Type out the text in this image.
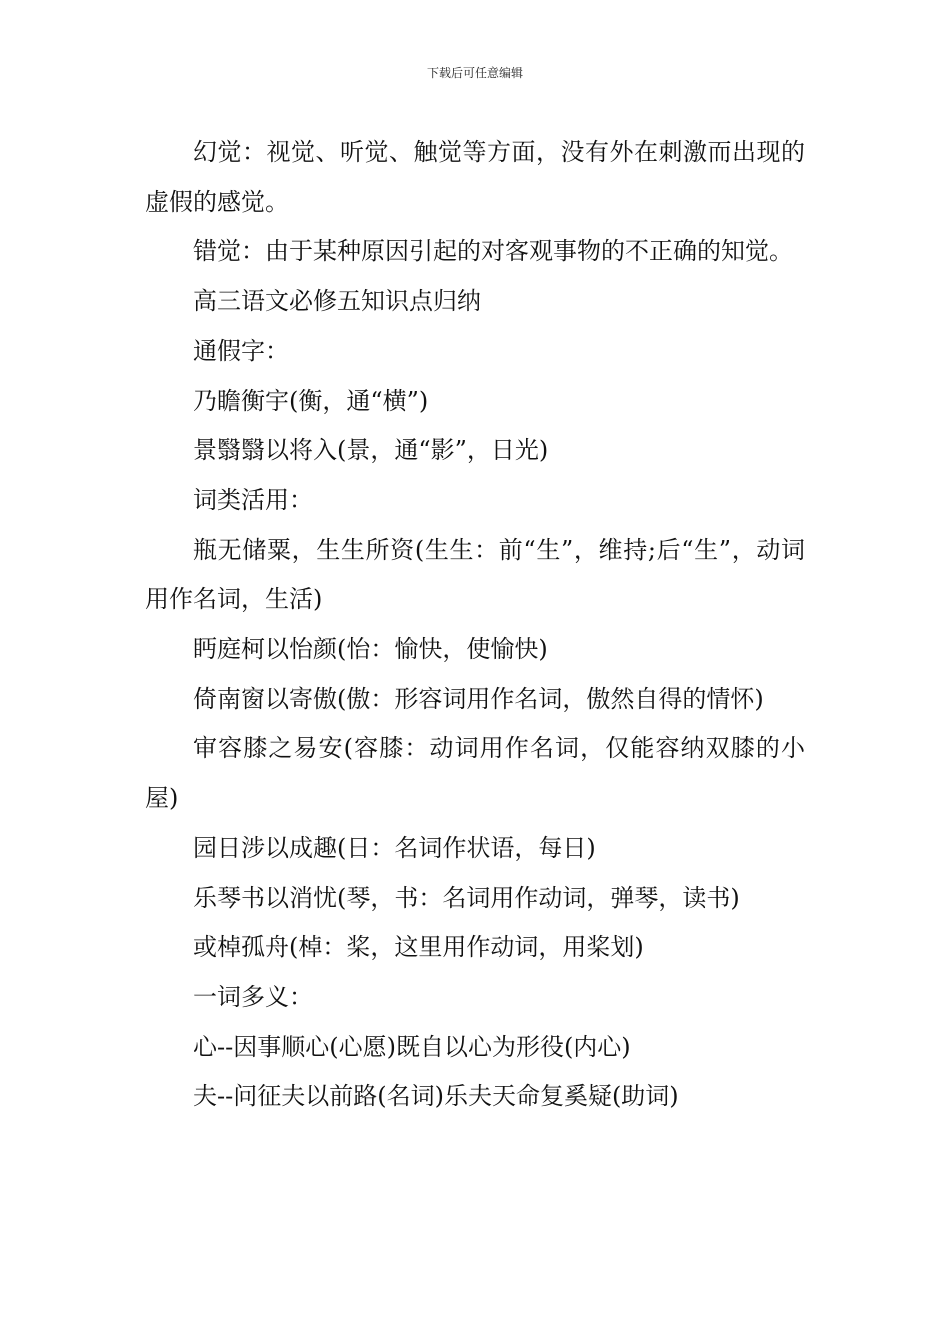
下载后可任意编辑

幻觉：视觉、听觉、触觉等方面，没有外在刺激而出现的虚假的感觉。

错觉：由于某种原因引起的对客观事物的不正确的知觉。

高三语文必修五知识点归纳

通假字：

乃瞻衡宇(衡，通“横”)

景翳翳以将入(景，通“影”，日光)

词类活用：

瓶无储粟，生生所资(生生：前“生”，维持;后“生”，动词用作名词，生活)

眄庭柯以怡颜(怡：愉快，使愉快)

倚南窗以寄傲(傲：形容词用作名词，傲然自得的情怀)

审容膝之易安(容膝：动词用作名词，仅能容纳双膝的小屋)

园日涉以成趣(日：名词作状语，每日)

乐琴书以消忧(琴，书：名词用作动词，弹琴，读书)

或棹孤舟(棹：桨，这里用作动词，用桨划)

一词多义：

心--因事顺心(心愿)既自以心为形役(内心)

夫--问征夫以前路(名词)乐夫天命复奚疑(助词)
